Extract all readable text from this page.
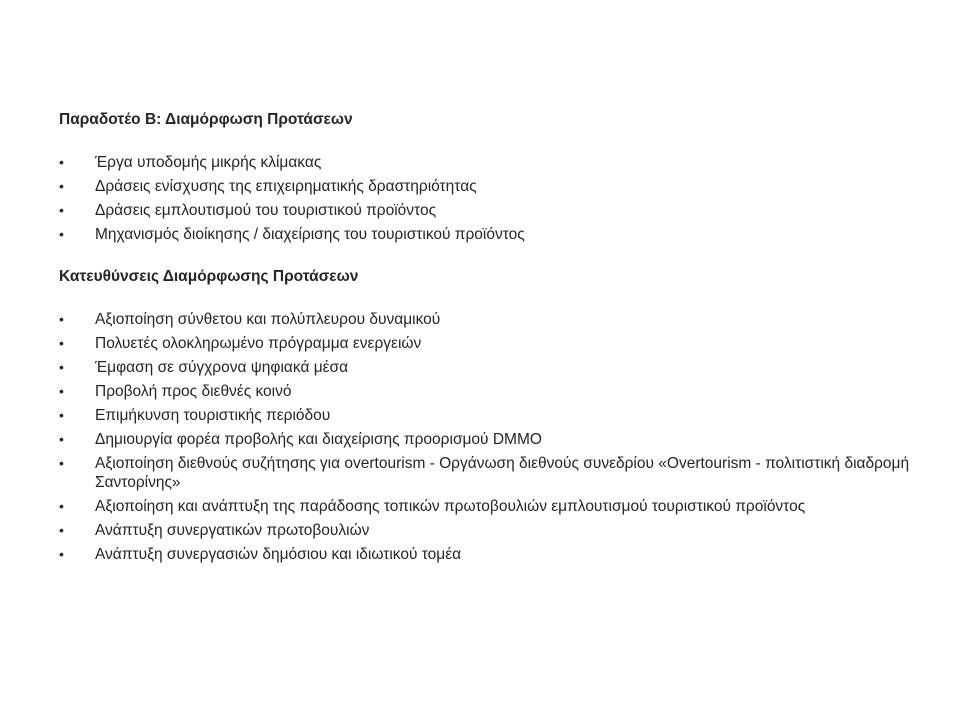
Παραδοτέο Β: Διαμόρφωση Προτάσεων
•	Έργα υποδομής μικρής κλίμακας
•	Δράσεις ενίσχυσης της επιχειρηματικής δραστηριότητας
•	Δράσεις εμπλουτισμού του τουριστικού προϊόντος
•	Μηχανισμός διοίκησης / διαχείρισης του τουριστικού προϊόντος
Κατευθύνσεις Διαμόρφωσης Προτάσεων
•	Αξιοποίηση σύνθετου και πολύπλευρου δυναμικού
•	Πολυετές ολοκληρωμένο πρόγραμμα ενεργειών
•	Έμφαση σε σύγχρονα ψηφιακά μέσα
•	Προβολή προς διεθνές κοινό
•	Επιμήκυνση τουριστικής περιόδου
•	Δημιουργία φορέα προβολής και διαχείρισης προορισμού DMMO
•	Αξιοποίηση διεθνούς συζήτησης για overtourism - Οργάνωση διεθνούς συνεδρίου «Overtourism - πολιτιστική διαδρομή Σαντορίνης»
•	Αξιοποίηση και ανάπτυξη της παράδοσης τοπικών πρωτοβουλιών εμπλουτισμού τουριστικού προϊόντος
•	Ανάπτυξη συνεργατικών πρωτοβουλιών
•	Ανάπτυξη συνεργασιών δημόσιου και ιδιωτικού τομέα
